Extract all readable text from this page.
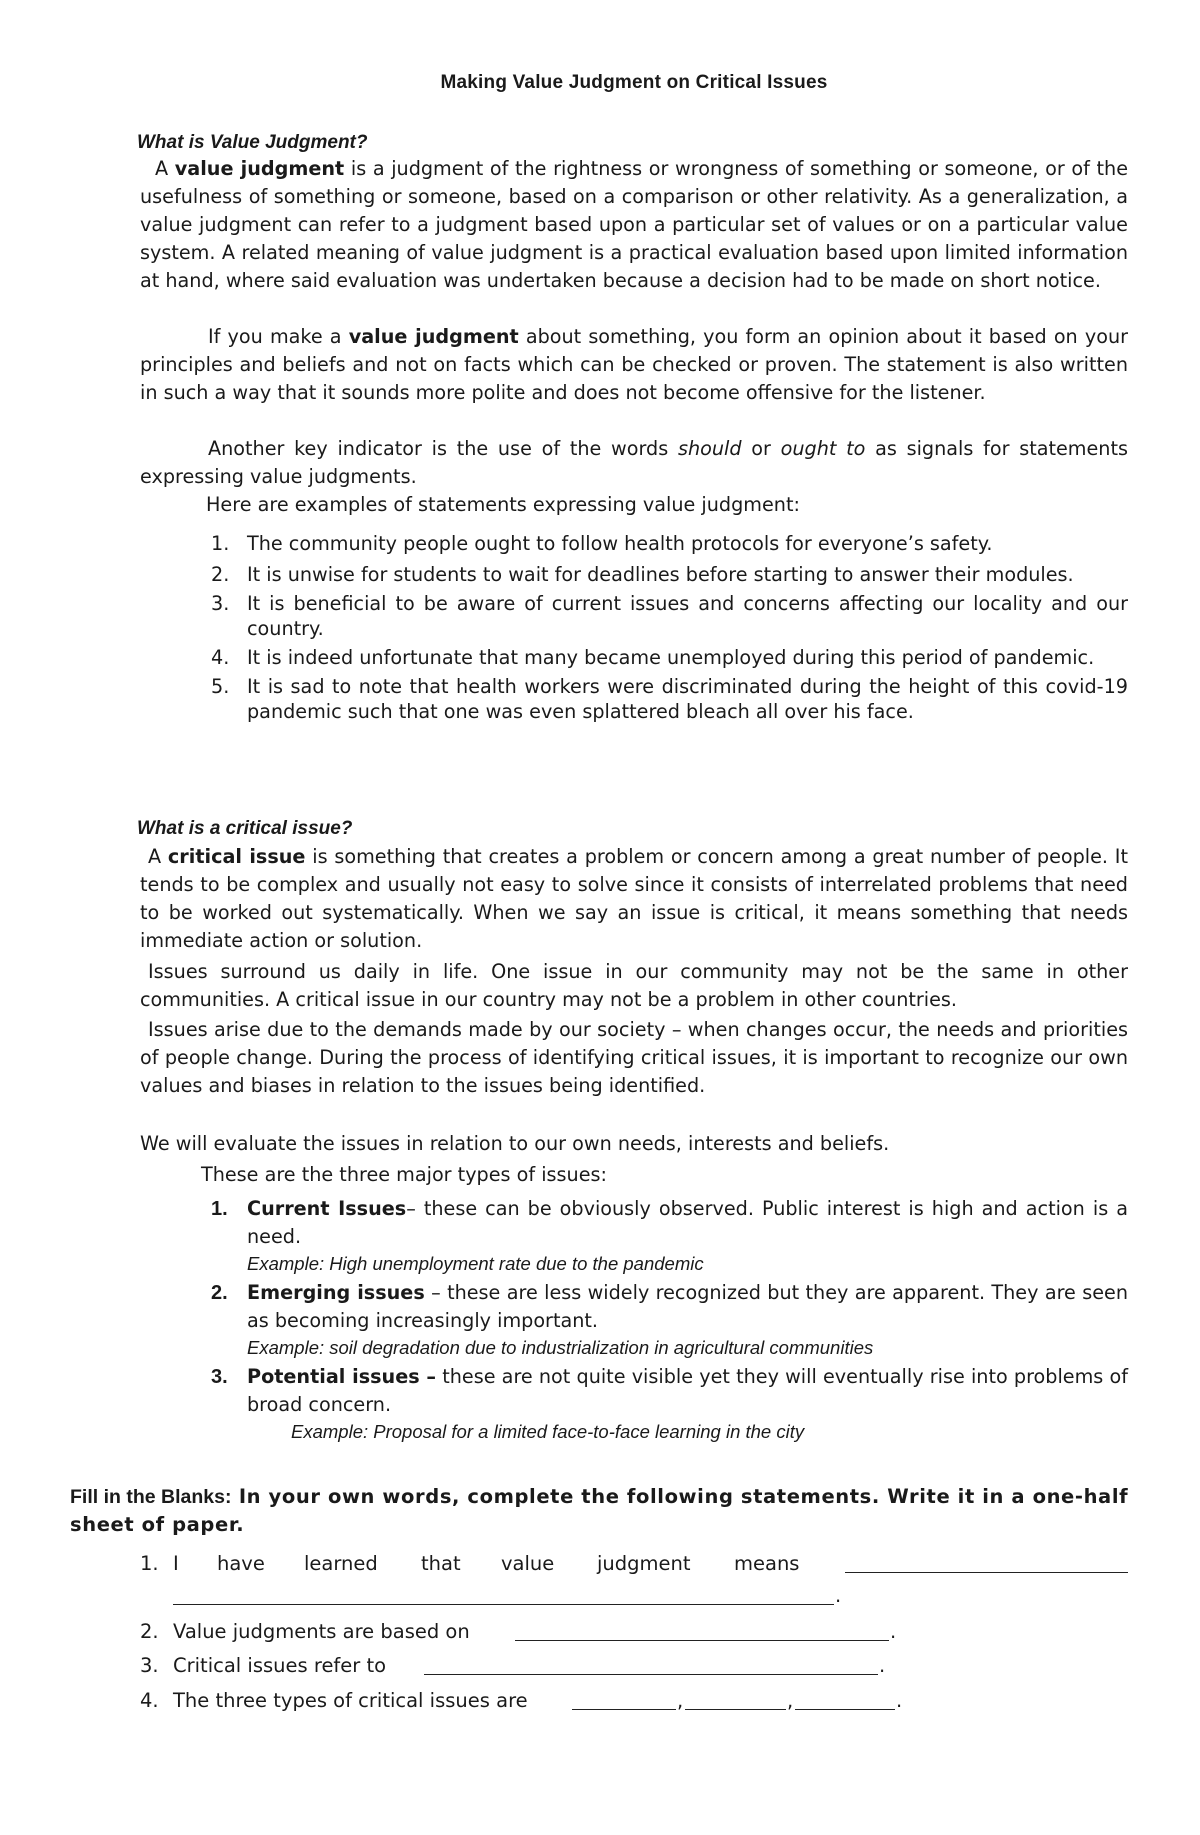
Making Value Judgment on Critical Issues
What is Value Judgment?

A value judgment is a judgment of the rightness or wrongness of something or someone, or of the usefulness of something or someone, based on a comparison or other relativity. As a generalization, a value judgment can refer to a judgment based upon a particular set of values or on a particular value system. A related meaning of value judgment is a practical evaluation based upon limited information at hand, where said evaluation was undertaken because a decision had to be made on short notice.

If you make a value judgment about something, you form an opinion about it based on your principles and beliefs and not on facts which can be checked or proven. The statement is also written in such a way that it sounds more polite and does not become offensive for the listener.

Another key indicator is the use of the words should or ought to as signals for statements expressing value judgments.

Here are examples of statements expressing value judgment:

1. The community people ought to follow health protocols for everyone’s safety.
2. It is unwise for students to wait for deadlines before starting to answer their modules.
3. It is beneficial to be aware of current issues and concerns affecting our locality and our country.
4. It is indeed unfortunate that many became unemployed during this period of pandemic.
5. It is sad to note that health workers were discriminated during the height of this covid-19 pandemic such that one was even splattered bleach all over his face.
What is a critical issue?

A critical issue is something that creates a problem or concern among a great number of people. It tends to be complex and usually not easy to solve since it consists of interrelated problems that need to be worked out systematically. When we say an issue is critical, it means something that needs immediate action or solution.

Issues surround us daily in life. One issue in our community may not be the same in other communities. A critical issue in our country may not be a problem in other countries.

Issues arise due to the demands made by our society – when changes occur, the needs and priorities of people change. During the process of identifying critical issues, it is important to recognize our own values and biases in relation to the issues being identified.

We will evaluate the issues in relation to our own needs, interests and beliefs.

These are the three major types of issues:

1. Current Issues– these can be obviously observed. Public interest is high and action is a need.
Example: High unemployment rate due to the pandemic
2. Emerging issues – these are less widely recognized but they are apparent. They are seen as becoming increasingly important.
Example: soil degradation due to industrialization in agricultural communities
3. Potential issues – these are not quite visible yet they will eventually rise into problems of broad concern.
Example: Proposal for a limited face-to-face learning in the city

Fill in the Blanks: In your own words, complete the following statements. Write it in a one-half sheet of paper.

1. I have learned that value judgment means
.
2. Value judgments are based on	.
3. Critical issues refer to	.
4. The three types of critical issues are	,	,	.
